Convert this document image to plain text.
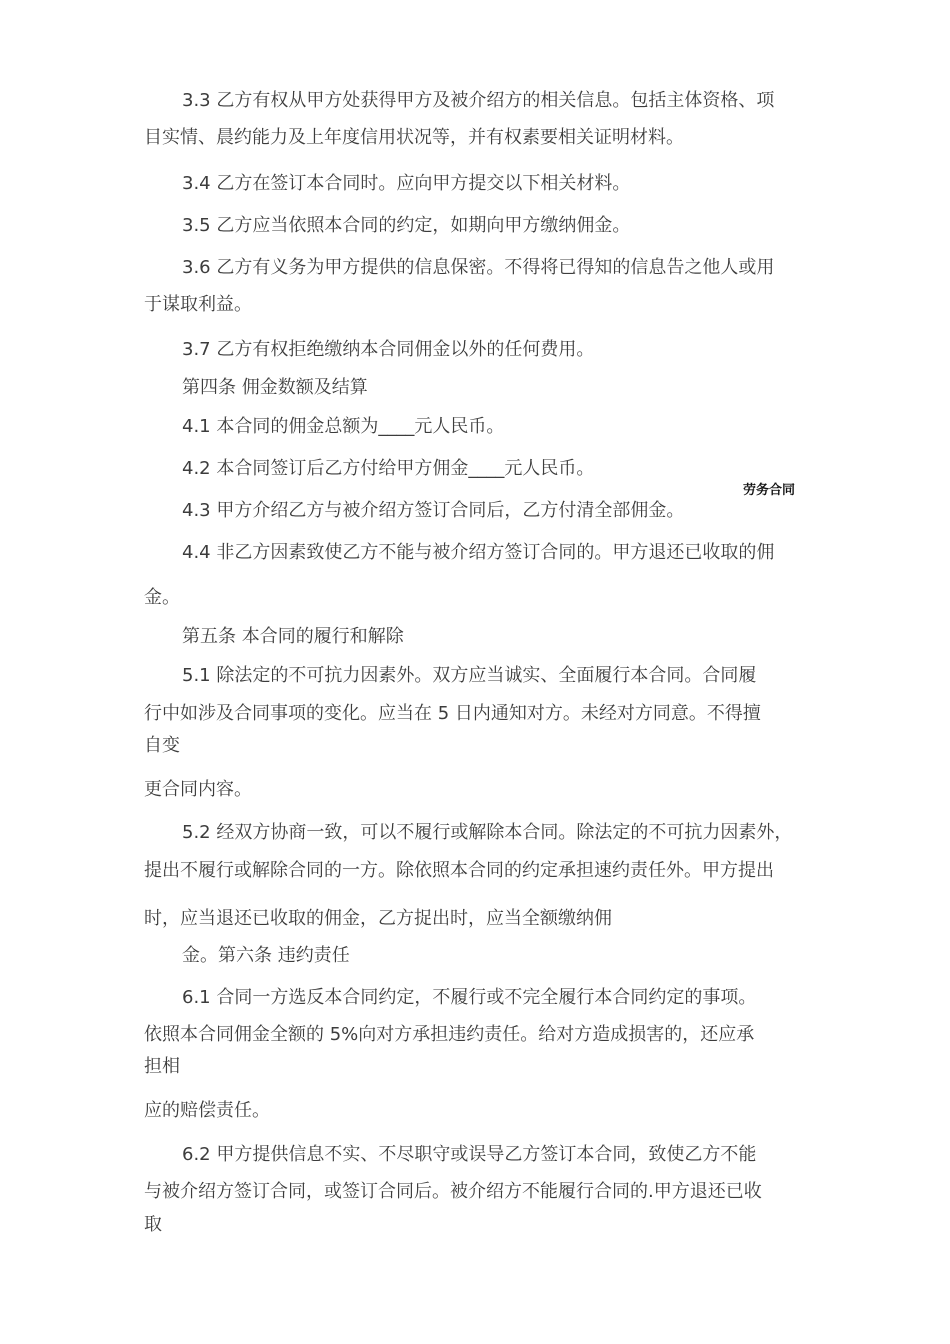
劳务合同
3.3 乙方有权从甲方处获得甲方及被介绍方的相关信息。包括主体资格、项
目实情、晨约能力及上年度信用状况等，并有权素要相关证明材料。
3.4 乙方在签订本合同时。应向甲方提交以下相关材料。
3.5 乙方应当依照本合同的约定，如期向甲方缴纳佣金。
3.6 乙方有义务为甲方提供的信息保密。不得将已得知的信息告之他人或用
于谋取利益。
3.7 乙方有权拒绝缴纳本合同佣金以外的任何费用。
第四条 佣金数额及结算
4.1 本合同的佣金总额为____元人民币。
4.2 本合同签订后乙方付给甲方佣金____元人民币。
4.3 甲方介绍乙方与被介绍方签订合同后，乙方付清全部佣金。
4.4 非乙方因素致使乙方不能与被介绍方签订合同的。甲方退还已收取的佣
金。
第五条 本合同的履行和解除
5.1 除法定的不可抗力因素外。双方应当诚实、全面履行本合同。合同履
行中如涉及合同事项的变化。应当在 5 日内通知对方。未经对方同意。不得擅
自变
更合同内容。
5.2 经双方协商一致，可以不履行或解除本合同。除法定的不可抗力因素外，
提出不履行或解除合同的一方。除依照本合同的约定承担速约责任外。甲方提出
时，应当退还已收取的佣金，乙方捉出时，应当全额缴纳佣
金。第六条 违约责任
6.1 合同一方选反本合同约定，不履行或不完全履行本合同约定的事项。
依照本合同佣金全额的 5%向对方承担违约责任。给对方造成损害的，还应承
担相
应的赔偿责任。
6.2 甲方提供信息不实、不尽职守或误导乙方签订本合同，致使乙方不能
与被介绍方签订合同，或签订合同后。被介绍方不能履行合同的.甲方退还已收
取
